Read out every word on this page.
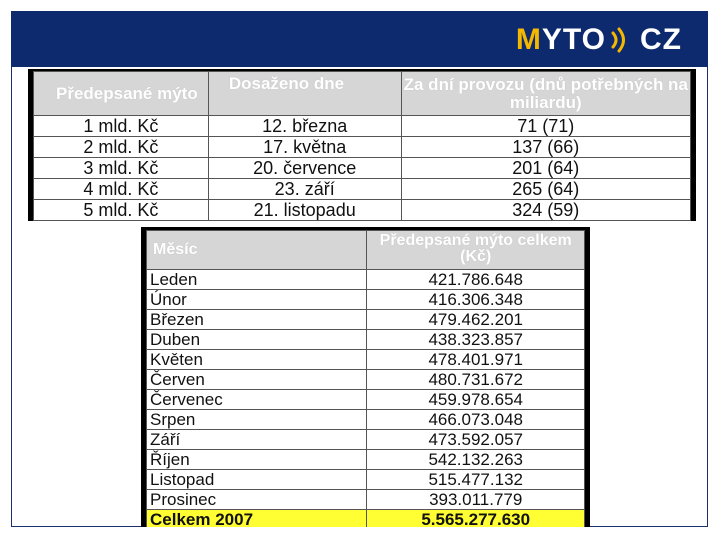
MYTO CZ
Předepsané mýto	Dosaženo dne	Za dní provozu (dnů potřebných na miliardu)
1 mld. Kč	12. března	71 (71)
2 mld. Kč	17. května	137 (66)
3 mld. Kč	20. července	201 (64)
4 mld. Kč	23. září	265 (64)
5 mld. Kč	21. listopadu	324 (59)
Měsíc	Předepsané mýto celkem (Kč)
Leden	421.786.648
Únor	416.306.348
Březen	479.462.201
Duben	438.323.857
Květen	478.401.971
Červen	480.731.672
Červenec	459.978.654
Srpen	466.073.048
Září	473.592.057
Říjen	542.132.263
Listopad	515.477.132
Prosinec	393.011.779
Celkem 2007	5.565.277.630
